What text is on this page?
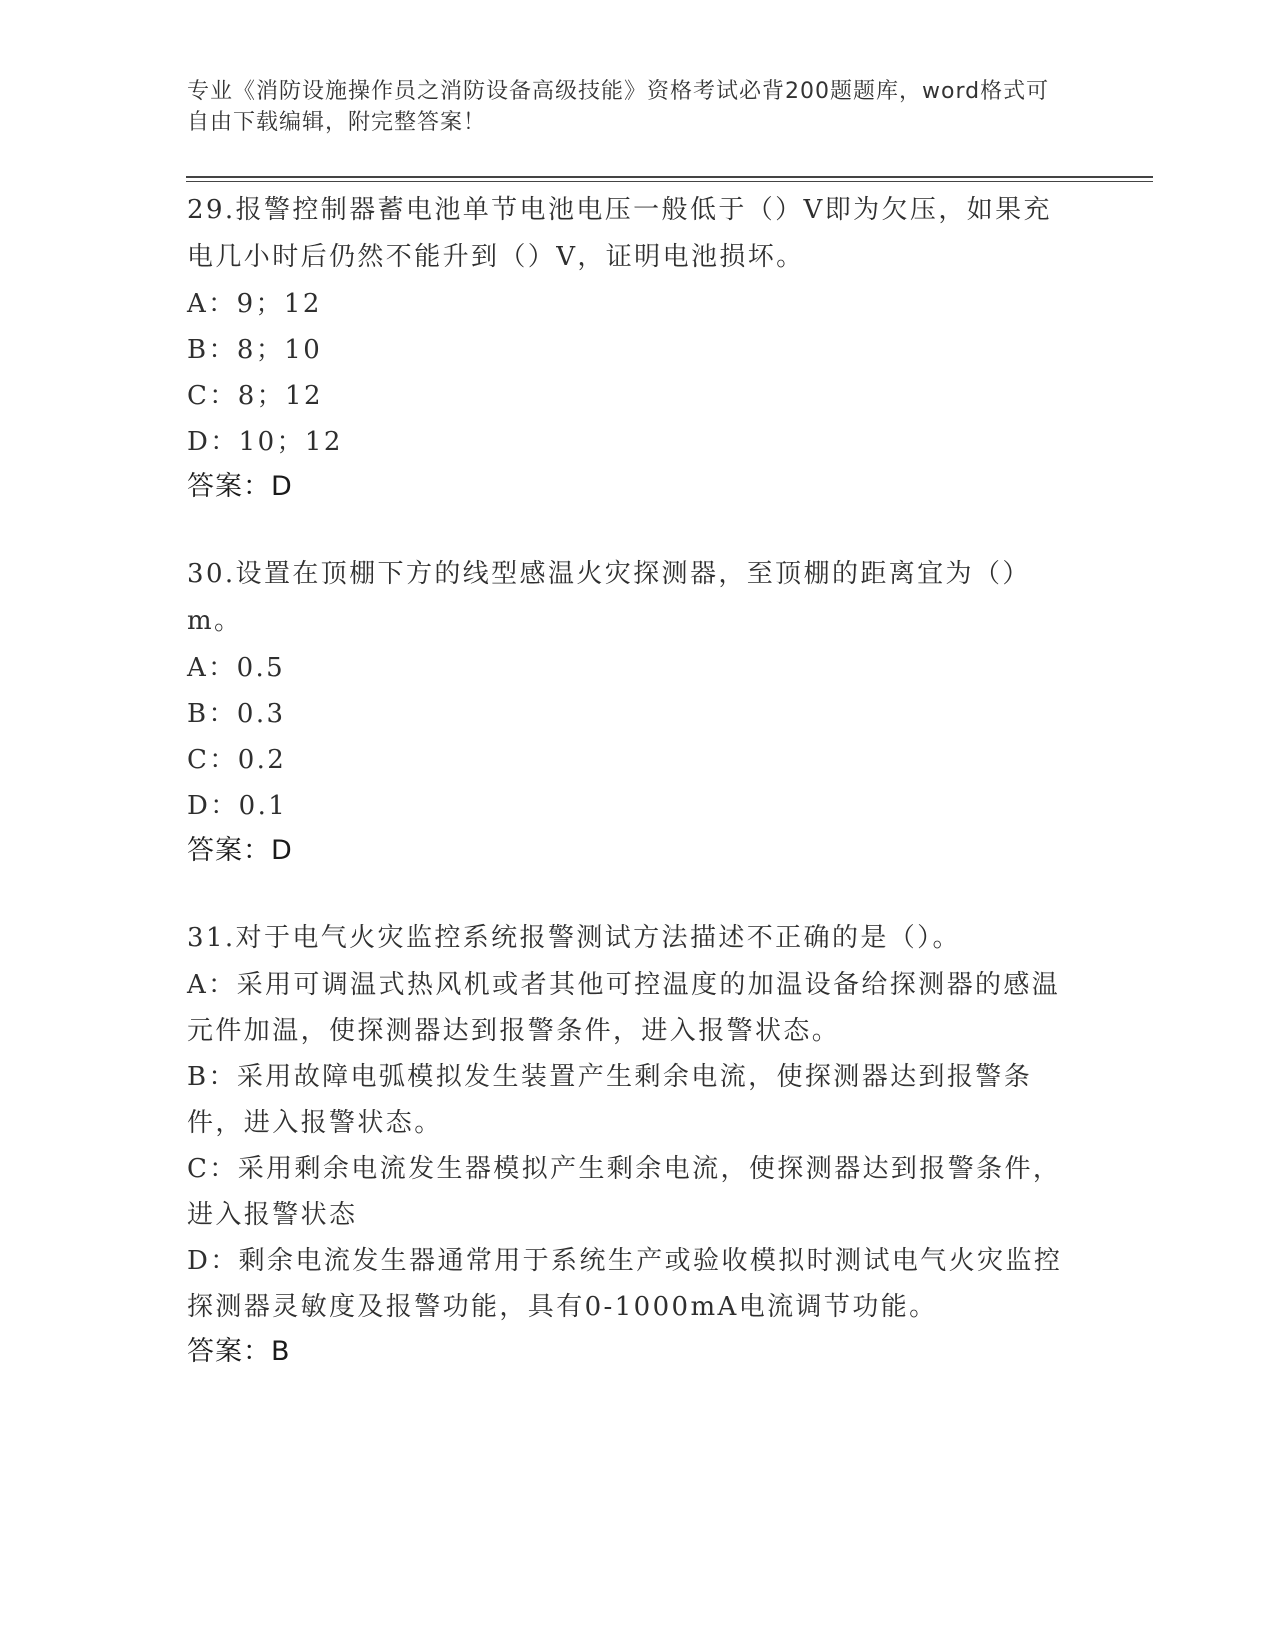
专业《消防设施操作员之消防设备高级技能》资格考试必背200题题库，word格式可自由下载编辑，附完整答案！

29.报警控制器蓄电池单节电池电压一般低于（）V即为欠压，如果充电几小时后仍然不能升到（）V，证明电池损坏。

A：9；12

B：8；10

C：8；12

D：10；12

答案：D

30.设置在顶棚下方的线型感温火灾探测器，至顶棚的距离宜为（）m。

A：0.5

B：0.3

C：0.2

D：0.1

答案：D

31.对于电气火灾监控系统报警测试方法描述不正确的是（）。

A：采用可调温式热风机或者其他可控温度的加温设备给探测器的感温元件加温，使探测器达到报警条件，进入报警状态。

B：采用故障电弧模拟发生装置产生剩余电流，使探测器达到报警条件，进入报警状态。

C：采用剩余电流发生器模拟产生剩余电流，使探测器达到报警条件，进入报警状态

D：剩余电流发生器通常用于系统生产或验收模拟时测试电气火灾监控探测器灵敏度及报警功能，具有0-1000mA电流调节功能。

答案：B
